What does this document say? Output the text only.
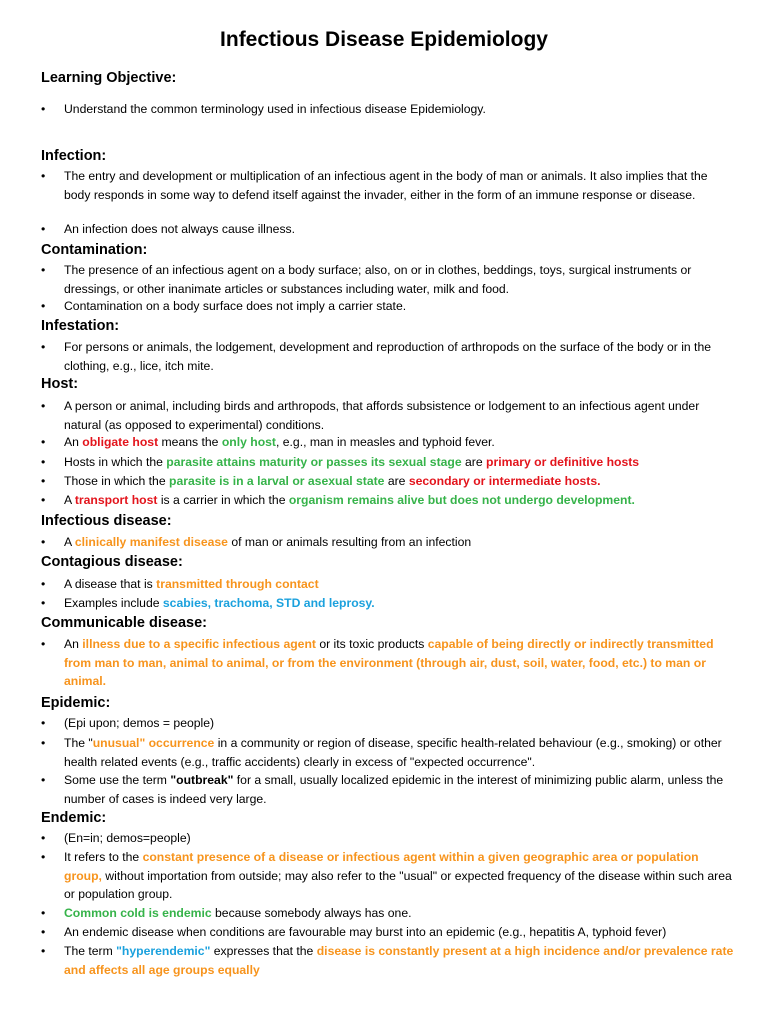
Infectious Disease Epidemiology
Learning Objective:
•	Understand the common terminology used in infectious disease Epidemiology.
Infection:
•	The entry and development or multiplication of an infectious agent in the body of man or animals. It also implies that the body responds in some way to defend itself against the invader, either in the form of an immune response or disease.
•	An infection does not always cause illness.
Contamination:
•	The presence of an infectious agent on a body surface; also, on or in clothes, beddings, toys, surgical instruments or dressings, or other inanimate articles or substances including water, milk and food.
•	Contamination on a body surface does not imply a carrier state.
Infestation:
•	For persons or animals, the lodgement, development and reproduction of arthropods on the surface of the body or in the clothing, e.g., lice, itch mite.
Host:
•	A person or animal, including birds and arthropods, that affords subsistence or lodgement to an infectious agent under natural (as opposed to experimental) conditions.
•	An obligate host means the only host, e.g., man in measles and typhoid fever.
•	Hosts in which the parasite attains maturity or passes its sexual stage are primary or definitive hosts
•	Those in which the parasite is in a larval or asexual state are secondary or intermediate hosts.
•	A transport host is a carrier in which the organism remains alive but does not undergo development.
Infectious disease:
•	A clinically manifest disease of man or animals resulting from an infection
Contagious disease:
•	A disease that is transmitted through contact
•	Examples include scabies, trachoma, STD and leprosy.
Communicable disease:
•	An illness due to a specific infectious agent or its toxic products capable of being directly or indirectly transmitted from man to man, animal to animal, or from the environment (through air, dust, soil, water, food, etc.) to man or animal.
Epidemic:
•	(Epi upon; demos = people)
•	The "unusual" occurrence in a community or region of disease, specific health-related behaviour (e.g., smoking) or other health related events (e.g., traffic accidents) clearly in excess of "expected occurrence".
•	Some use the term "outbreak" for a small, usually localized epidemic in the interest of minimizing public alarm, unless the number of cases is indeed very large.
Endemic:
•	(En=in; demos=people)
•	It refers to the constant presence of a disease or infectious agent within a given geographic area or population group, without importation from outside; may also refer to the "usual" or expected frequency of the disease within such area or population group.
•	Common cold is endemic because somebody always has one.
•	An endemic disease when conditions are favourable may burst into an epidemic (e.g., hepatitis A, typhoid fever)
•	The term "hyperendemic" expresses that the disease is constantly present at a high incidence and/or prevalence rate and affects all age groups equally
